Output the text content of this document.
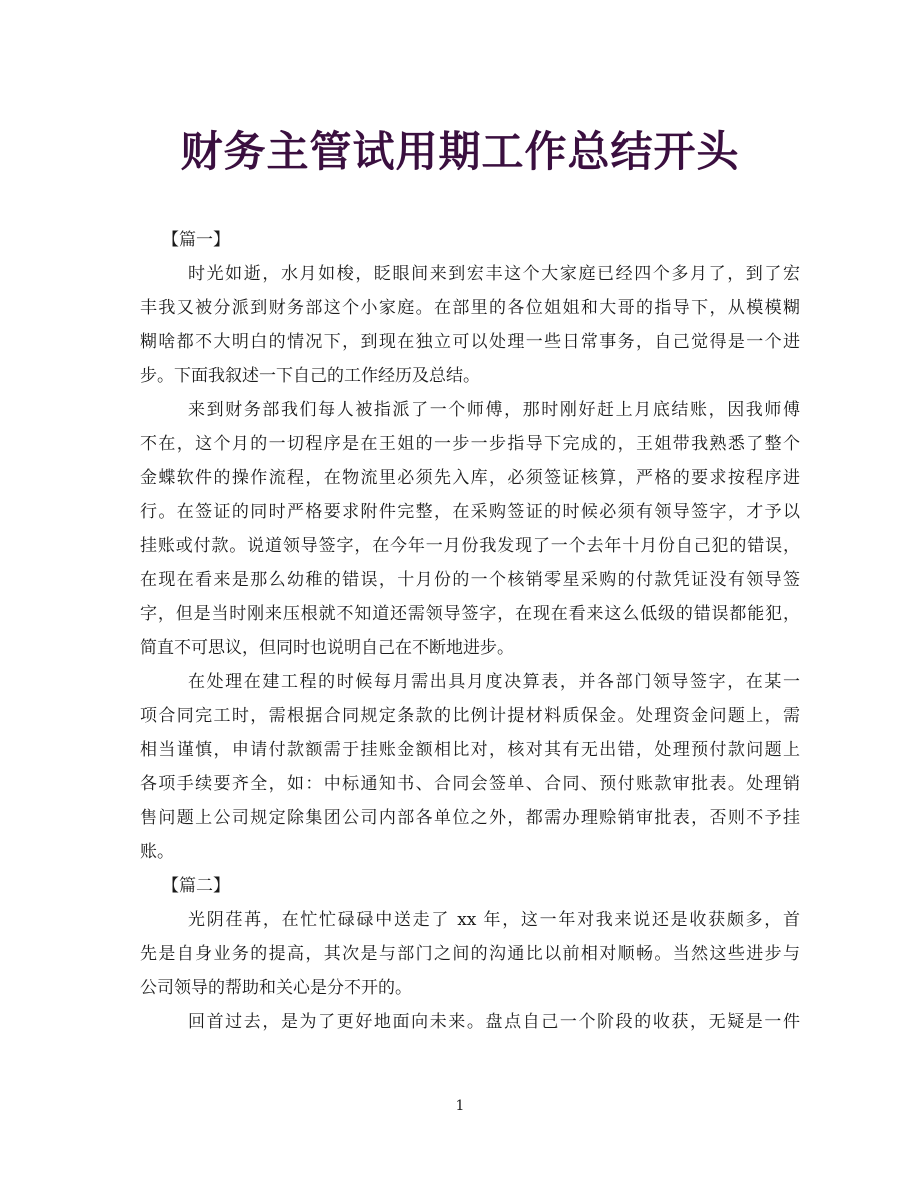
财务主管试用期工作总结开头
【篇一】
时光如逝，水月如梭，眨眼间来到宏丰这个大家庭已经四个多月了，到了宏
丰我又被分派到财务部这个小家庭。在部里的各位姐姐和大哥的指导下，从模模糊
糊啥都不大明白的情况下，到现在独立可以处理一些日常事务，自己觉得是一个进
步。下面我叙述一下自己的工作经历及总结。
来到财务部我们每人被指派了一个师傅，那时刚好赶上月底结账，因我师傅
不在，这个月的一切程序是在王姐的一步一步指导下完成的，王姐带我熟悉了整个
金蝶软件的操作流程，在物流里必须先入库，必须签证核算，严格的要求按程序进
行。在签证的同时严格要求附件完整，在采购签证的时候必须有领导签字，才予以
挂账或付款。说道领导签字，在今年一月份我发现了一个去年十月份自己犯的错误，
在现在看来是那么幼稚的错误，十月份的一个核销零星采购的付款凭证没有领导签
字，但是当时刚来压根就不知道还需领导签字，在现在看来这么低级的错误都能犯，
简直不可思议，但同时也说明自己在不断地进步。
在处理在建工程的时候每月需出具月度决算表，并各部门领导签字，在某一
项合同完工时，需根据合同规定条款的比例计提材料质保金。处理资金问题上，需
相当谨慎，申请付款额需于挂账金额相比对，核对其有无出错，处理预付款问题上
各项手续要齐全，如：中标通知书、合同会签单、合同、预付账款审批表。处理销
售问题上公司规定除集团公司内部各单位之外，都需办理赊销审批表，否则不予挂
账。
【篇二】
光阴荏苒，在忙忙碌碌中送走了 xx 年，这一年对我来说还是收获颇多，首
先是自身业务的提高，其次是与部门之间的沟通比以前相对顺畅。当然这些进步与
公司领导的帮助和关心是分不开的。
回首过去，是为了更好地面向未来。盘点自己一个阶段的收获，无疑是一件
1
